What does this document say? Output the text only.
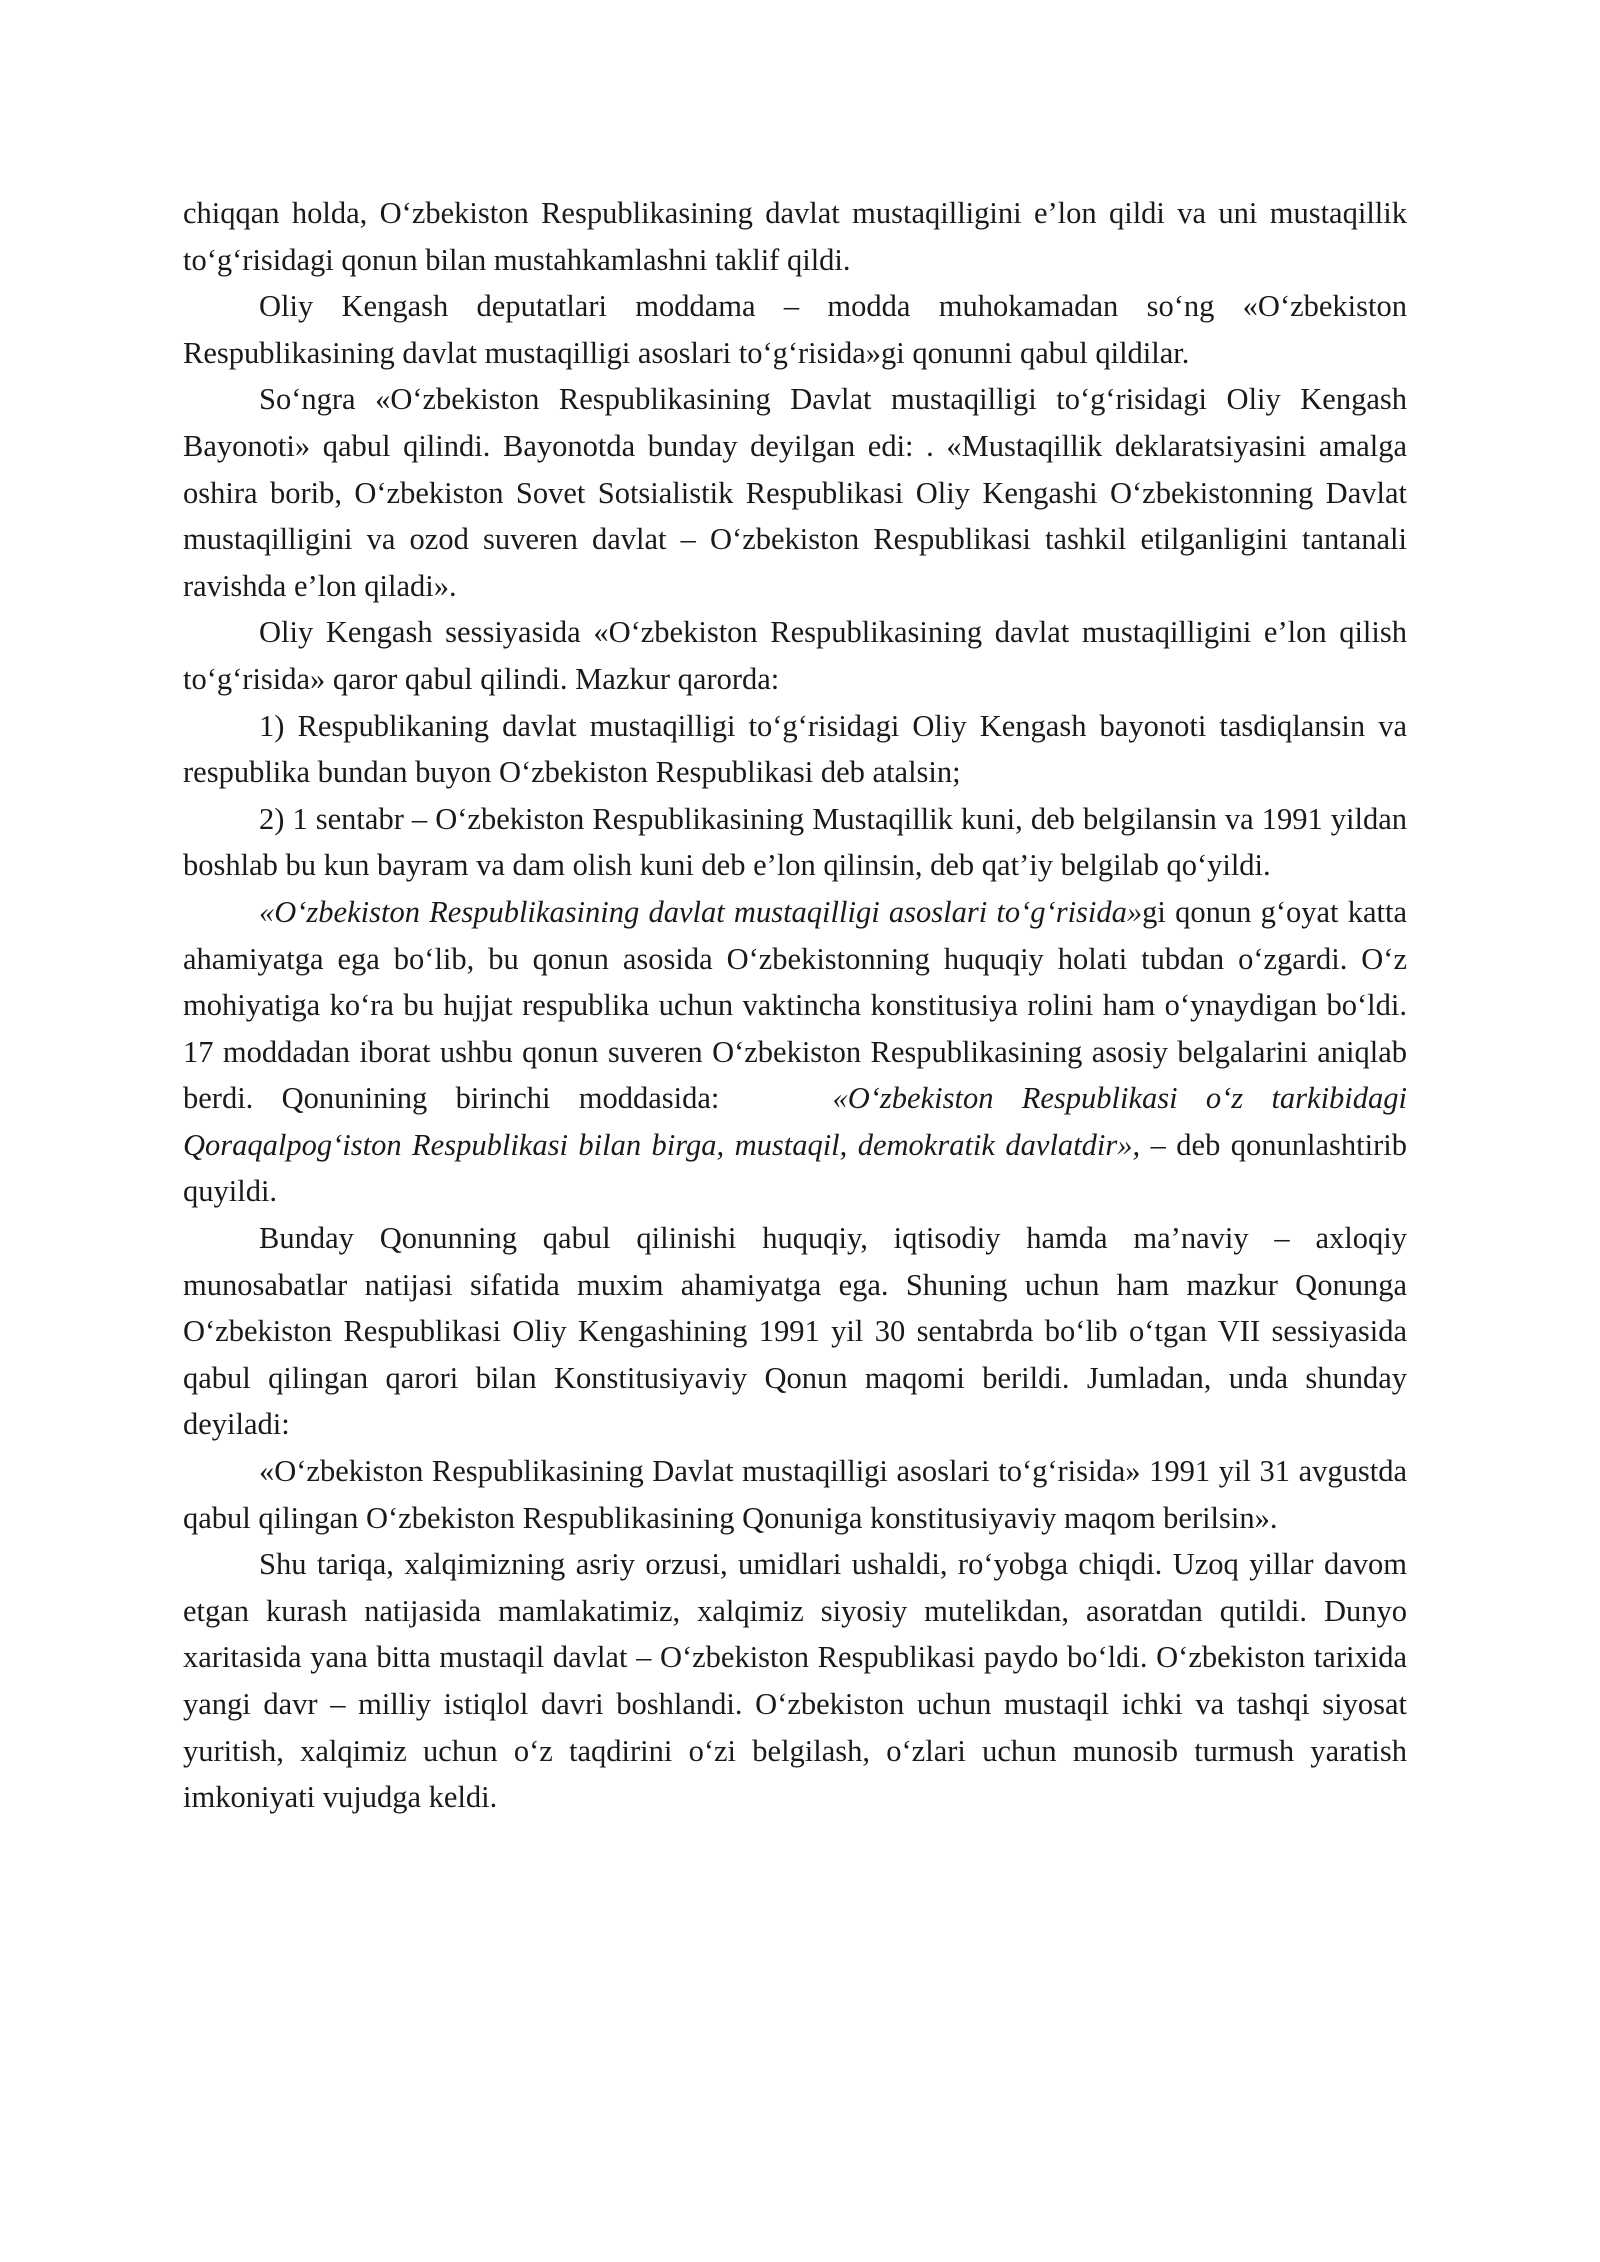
chiqqan holda, O‘zbekiston Respublikasining davlat mustaqilligini e’lon qildi va uni mustaqillik to‘g‘risidagi qonun bilan mustahkamlashni taklif qildi.

Oliy Kengash deputatlari moddama – modda muhokamadan so‘ng «O‘zbekiston Respublikasining davlat mustaqilligi asoslari to‘g‘risida»gi qonunni qabul qildilar.

So‘ngra «O‘zbekiston Respublikasining Davlat mustaqilligi to‘g‘risidagi Oliy Kengash Bayonoti» qabul qilindi. Bayonotda bunday deyilgan edi: . «Mustaqillik deklaratsiyasini amalga oshira borib, O‘zbekiston Sovet Sotsialistik Respublikasi Oliy Kengashi O‘zbekistonning Davlat mustaqilligini va ozod suveren davlat – O‘zbekiston Respublikasi tashkil etilganligini tantanali ravishda e’lon qiladi».

Oliy Kengash sessiyasida «O‘zbekiston Respublikasining davlat mustaqilligini e’lon qilish to‘g‘risida» qaror qabul qilindi. Mazkur qarorda:

1) Respublikaning davlat mustaqilligi to‘g‘risidagi Oliy Kengash bayonoti tasdiqlansin va respublika bundan buyon O‘zbekiston Respublikasi deb atalsin;

2) 1 sentabr – O‘zbekiston Respublikasining Mustaqillik kuni, deb belgilansin va 1991 yildan boshlab bu kun bayram va dam olish kuni deb e’lon qilinsin, deb qat’iy belgilab qo‘yildi.

«O‘zbekiston Respublikasining davlat mustaqilligi asoslari to‘g‘risida»gi qonun g‘oyat katta ahamiyatga ega bo‘lib, bu qonun asosida O‘zbekistonning huquqiy holati tubdan o‘zgardi. O‘z mohiyatiga ko‘ra bu hujjat respublika uchun vaktincha konstitusiya rolini ham o‘ynaydigan bo‘ldi. 17 moddadan iborat ushbu qonun suveren O‘zbekiston Respublikasining asosiy belgalarini aniqlab berdi. Qonunining birinchi moddasida:    «O‘zbekiston Respublikasi o‘z tarkibidagi Qoraqalpog‘iston Respublikasi bilan birga, mustaqil, demokratik davlatdir», – deb qonunlashtirib quyildi.

Bunday Qonunning qabul qilinishi huquqiy, iqtisodiy hamda ma’naviy – axloqiy munosabatlar natijasi sifatida muxim ahamiyatga ega. Shuning uchun ham mazkur Qonunga O‘zbekiston Respublikasi Oliy Kengashining 1991 yil 30 sentabrda bo‘lib o‘tgan VII sessiyasida qabul qilingan qarori bilan Konstitusiyaviy Qonun maqomi berildi. Jumladan, unda shunday deyiladi:

«O‘zbekiston Respublikasining Davlat mustaqilligi asoslari to‘g‘risida» 1991 yil 31 avgustda qabul qilingan O‘zbekiston Respublikasining Qonuniga konstitusiyaviy maqom berilsin».

Shu tariqa, xalqimizning asriy orzusi, umidlari ushaldi, ro‘yobga chiqdi. Uzoq yillar davom etgan kurash natijasida mamlakatimiz, xalqimiz siyosiy mutelikdan, asoratdan qutildi. Dunyo xaritasida yana bitta mustaqil davlat – O‘zbekiston Respublikasi paydo bo‘ldi. O‘zbekiston tarixida yangi davr – milliy istiqlol davri boshlandi. O‘zbekiston uchun mustaqil ichki va tashqi siyosat yuritish, xalqimiz uchun o‘z taqdirini o‘zi belgilash, o‘zlari uchun munosib turmush yaratish imkoniyati vujudga keldi.
